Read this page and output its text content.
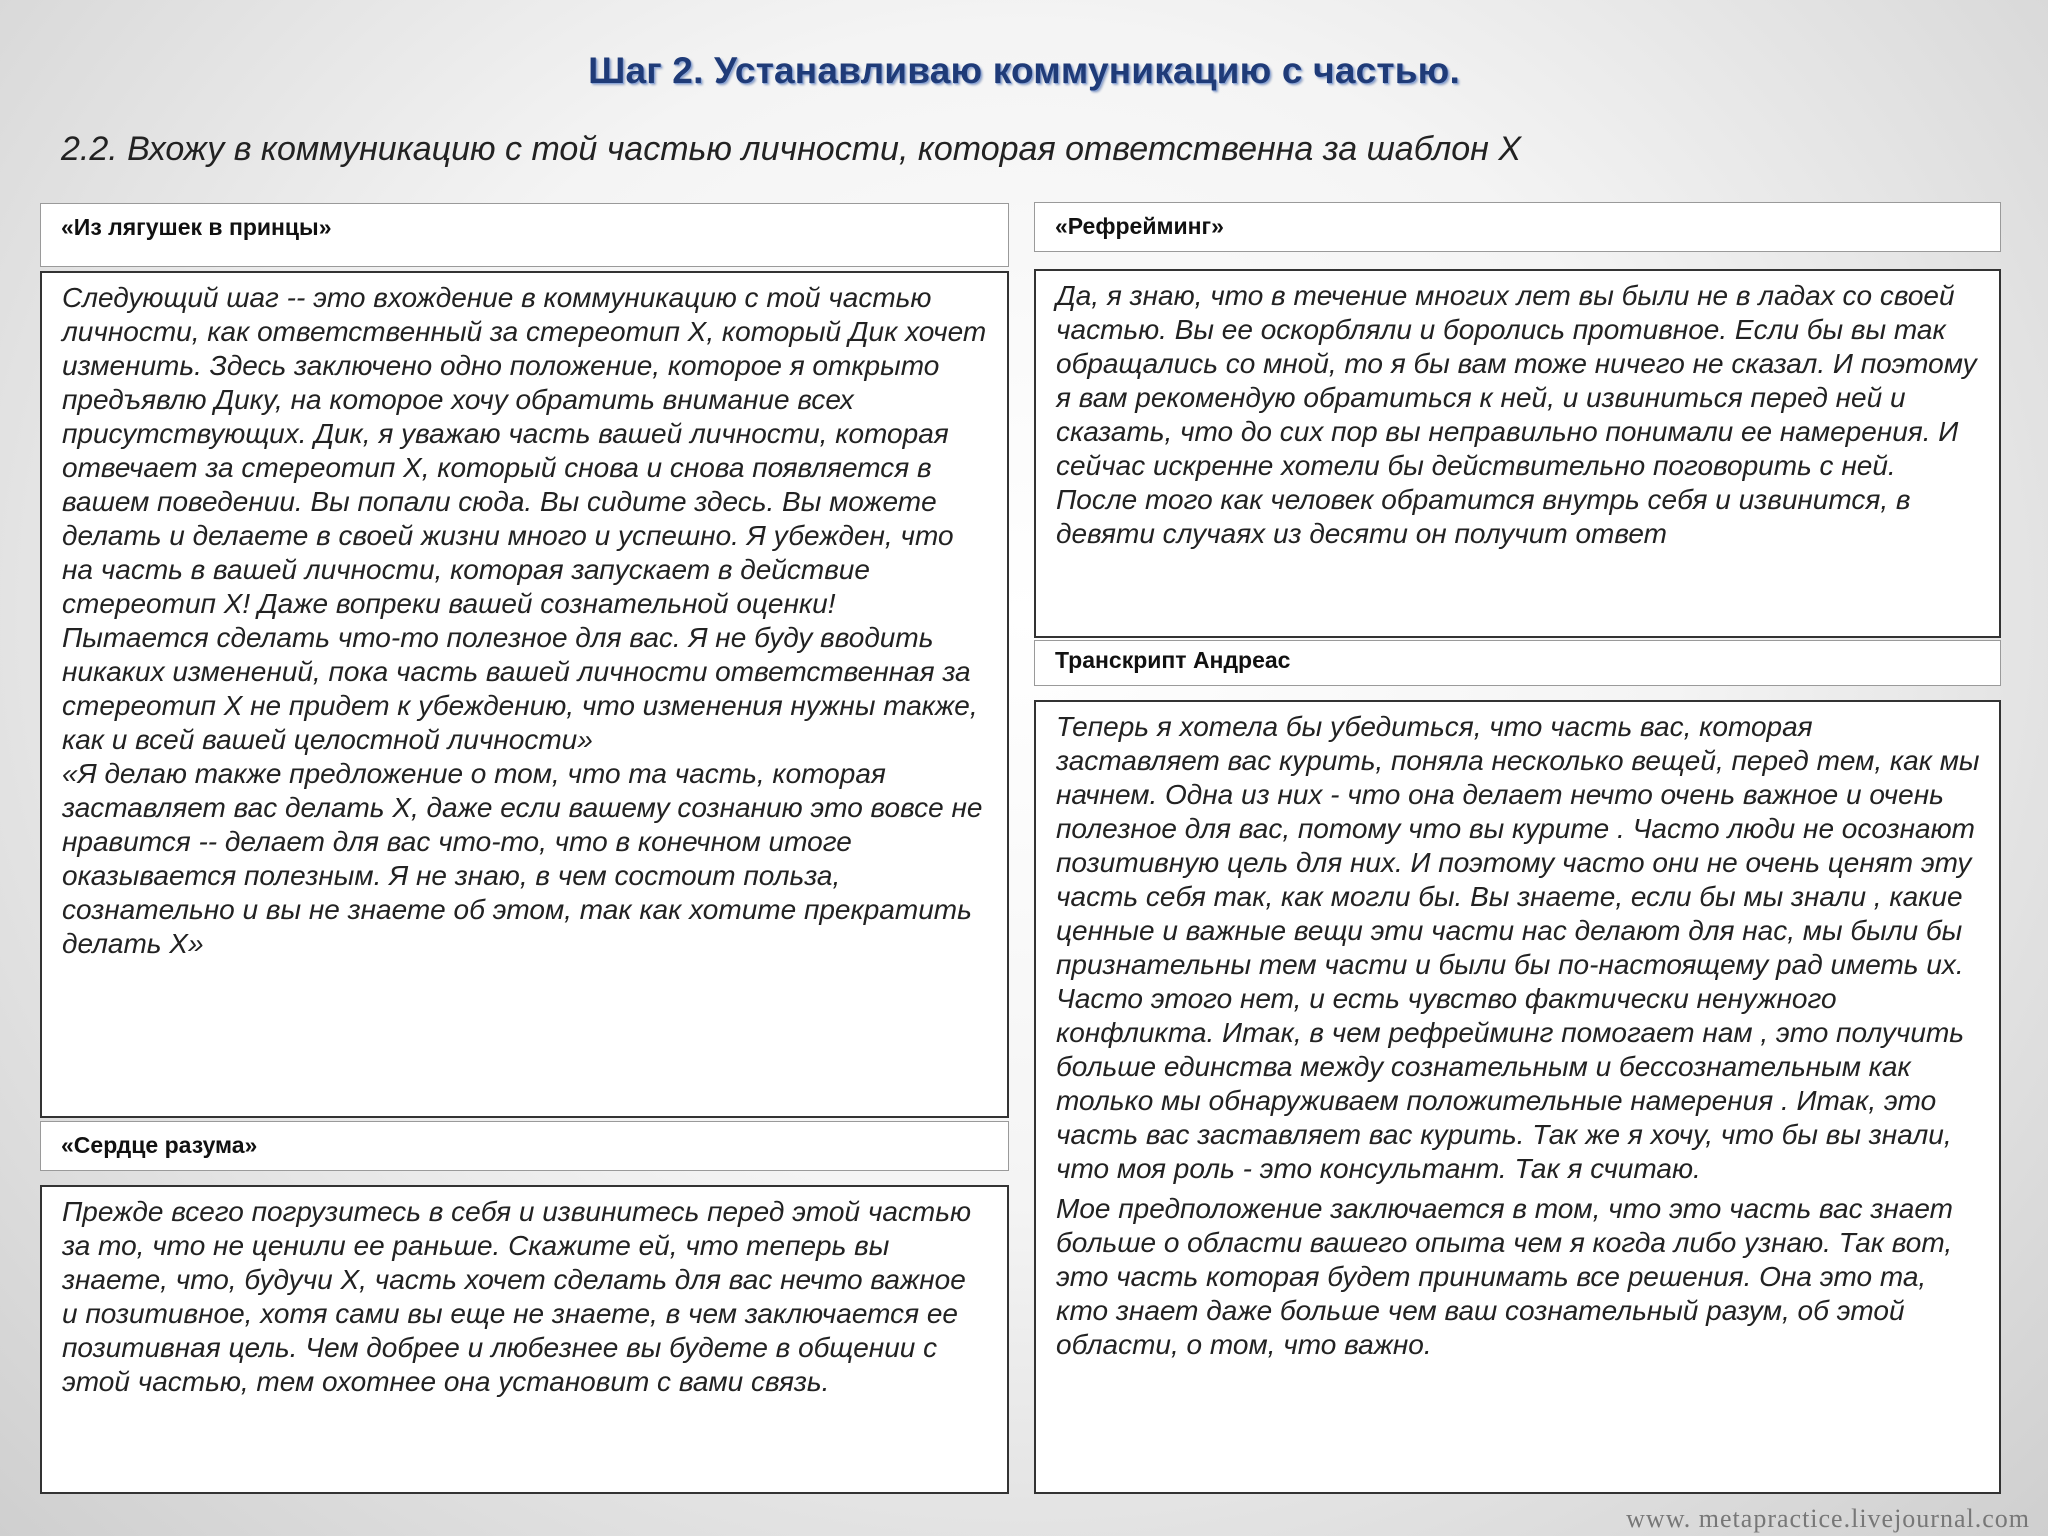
Шаг 2. Устанавливаю коммуникацию с частью.
2.2. Вхожу в коммуникацию с той частью личности, которая ответственна за шаблон Х
«Из лягушек в принцы»

Следующий шаг -- это вхождение в коммуникацию с той частью личности, как ответственный за стереотип Х, который Дик хочет изменить. Здесь заключено одно положение, которое я открыто предъявлю Дику, на которое хочу обратить внимание всех присутствующих. Дик, я уважаю часть вашей личности, которая отвечает за стереотип Х, который снова и снова появляется в вашем поведении. Вы попали сюда. Вы сидите здесь. Вы можете делать и делаете в своей жизни много и успешно. Я убежден, что на часть в вашей личности, которая запускает в действие стереотип Х! Даже вопреки вашей сознательной оценки! Пытается сделать что-то полезное для вас. Я не буду вводить никаких изменений, пока часть вашей личности ответственная за стереотип Х не придет к убеждению, что изменения нужны также, как и всей вашей целостной личности»
«Я делаю также предложение о том, что та часть, которая заставляет вас делать Х, даже если вашему сознанию это вовсе не нравится -- делает для вас что-то, что в конечном итоге оказывается полезным. Я не знаю, в чем состоит польза, сознательно и вы не знаете об этом, так как хотите прекратить делать Х»

«Сердце разума»

Прежде всего погрузитесь в себя и извинитесь перед этой частью за то, что не ценили ее раньше. Скажите ей, что теперь вы знаете, что, будучи Х, часть хочет сделать для вас нечто важное и позитивное, хотя сами вы еще не знаете, в чем заключается ее позитивная цель. Чем добрее и любезнее вы будете в общении с этой частью, тем охотнее она установит с вами связь.

«Рефрейминг»

Да, я знаю, что в течение многих лет вы были не в ладах со своей частью. Вы ее оскорбляли и боролись противное. Если бы вы так обращались со мной, то я бы вам тоже ничего не сказал. И поэтому я вам рекомендую обратиться к ней, и извиниться перед ней и сказать, что до сих пор вы неправильно понимали ее намерения. И сейчас искренне хотели бы действительно поговорить с ней. После того как человек обратится внутрь себя и извинится, в девяти случаях из десяти он получит ответ

Транскрипт Андреас

Теперь я хотела бы убедиться, что часть вас, которая заставляет вас курить, поняла несколько вещей, перед тем, как мы начнем. Одна из них - что она делает нечто очень важное и очень полезное для вас, потому что вы курите . Часто люди не осознают позитивную цель для них. И поэтому часто они не очень ценят эту часть себя так, как могли бы. Вы знаете, если бы мы знали , какие ценные и важные вещи эти части нас делают для нас, мы были бы признательны тем части и были бы по-настоящему рад иметь их. Часто этого нет, и есть чувство фактически ненужного конфликта. Итак, в чем рефрейминг помогает нам , это получить больше единства между сознательным и бессознательным как только мы обнаруживаем положительные намерения . Итак, это часть вас заставляет вас курить. Так же я хочу, что бы вы знали, что моя роль - это консультант. Так я считаю.

Мое предположение заключается в том, что это часть вас знает больше о области вашего опыта чем я когда либо узнаю. Так вот, это часть которая будет принимать все решения. Она это та, кто знает даже больше чем ваш сознательный разум, об этой области, о том, что важно.

www. metapractice.livejournal.com
